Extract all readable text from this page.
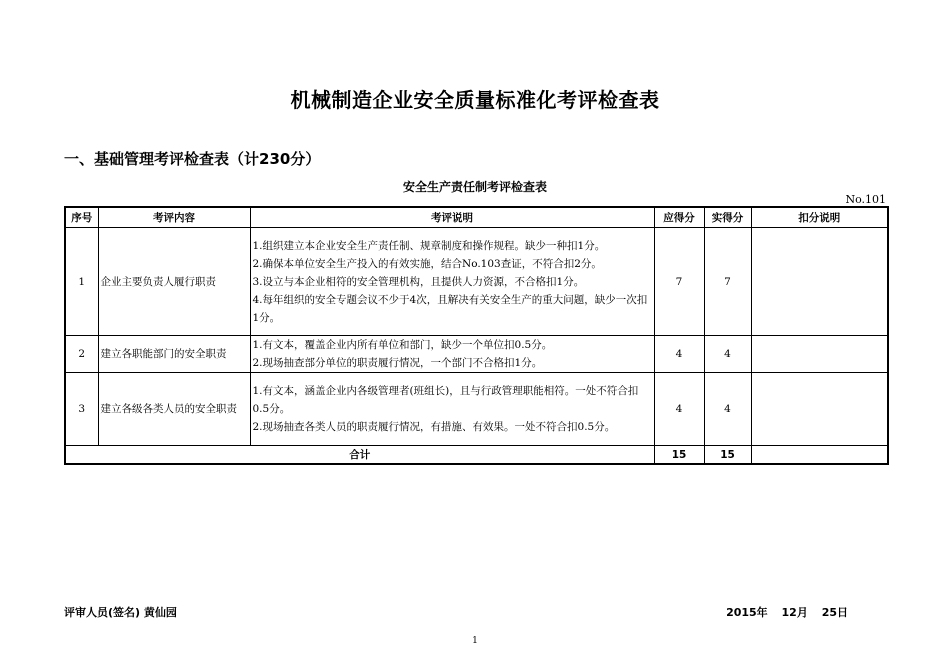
机械制造企业安全质量标准化考评检查表
一、基础管理考评检查表（计230分）
安全生产责任制考评检查表
No.101
序号	考评内容	考评说明	应得分	实得分	扣分说明
1	企业主要负责人履行职责	1.组织建立本企业安全生产责任制、规章制度和操作规程。缺少一种扣1分。

2.确保本单位安全生产投入的有效实施，结合No.103查证，不符合扣2分。

3.设立与本企业相符的安全管理机构，且提供人力资源，不合格扣1分。

4.每年组织的安全专题会议不少于4次，且解决有关安全生产的重大问题，缺少一次扣1分。	7	7	
2	建立各职能部门的安全职责	1.有文本，覆盖企业内所有单位和部门，缺少一个单位扣0.5分。

2.现场抽查部分单位的职责履行情况，一个部门不合格扣1分。	4	4	
3	建立各级各类人员的安全职责	1.有文本，涵盖企业内各级管理者(班组长)，且与行政管理职能相符。一处不符合扣0.5分。

2.现场抽查各类人员的职责履行情况，有措施、有效果。一处不符合扣0.5分。	4	4	
合计			15	15	
评审人员(签名) 黄仙园	2015年 12月 25日
1
